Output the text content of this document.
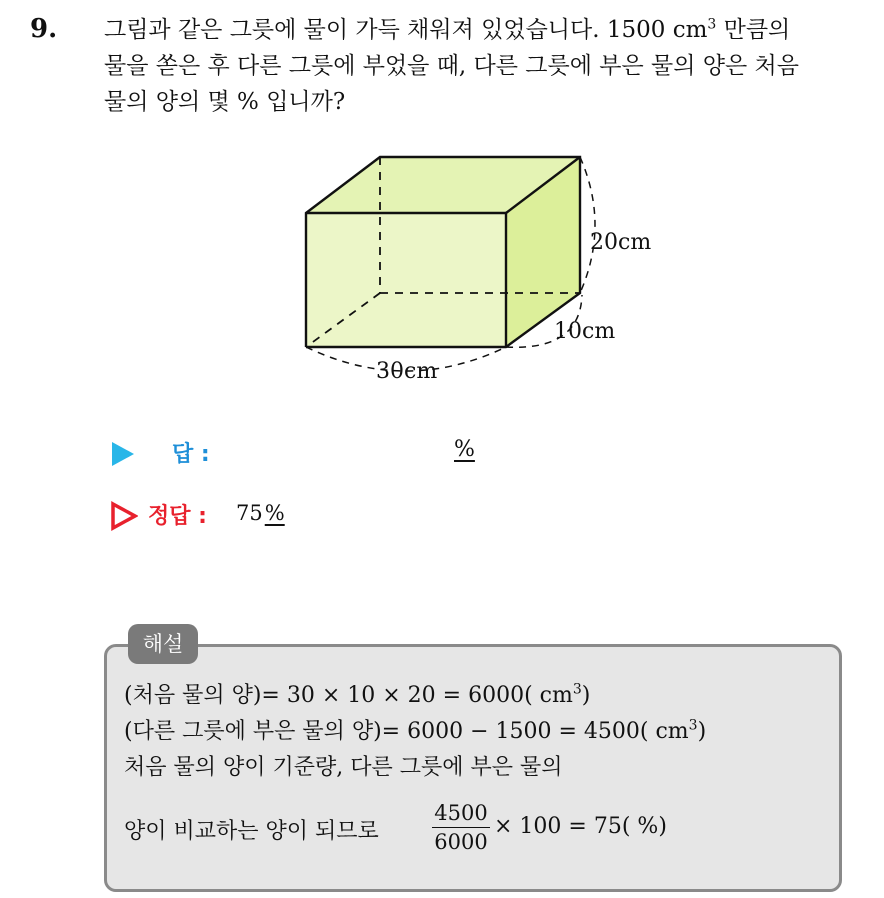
9. 그림과 같은 그릇에 물이 가득 채워져 있었습니다. 1500 $cm^3$ 만큼의
물을 쏟은 후 다른 그릇에 부었을 때, 다른 그릇에 부은 물의 양은 처음
물의 양의 몇 % 입니까?
20cm
10cm
30cm
답 :	%
정답 : 75%
해설
(처음 물의 양)= 30 × 10 × 20 = 6000( $cm^3$)
(다른 그릇에 부은 물의 양)= 6000 − 1500 = 4500( $cm^3$)
처음 물의 양이 기준량, 다른 그릇에 부은 물의
양이 비교하는 양이 되므로	$\frac{4500}{6000} \times 100 = 75$( %)
